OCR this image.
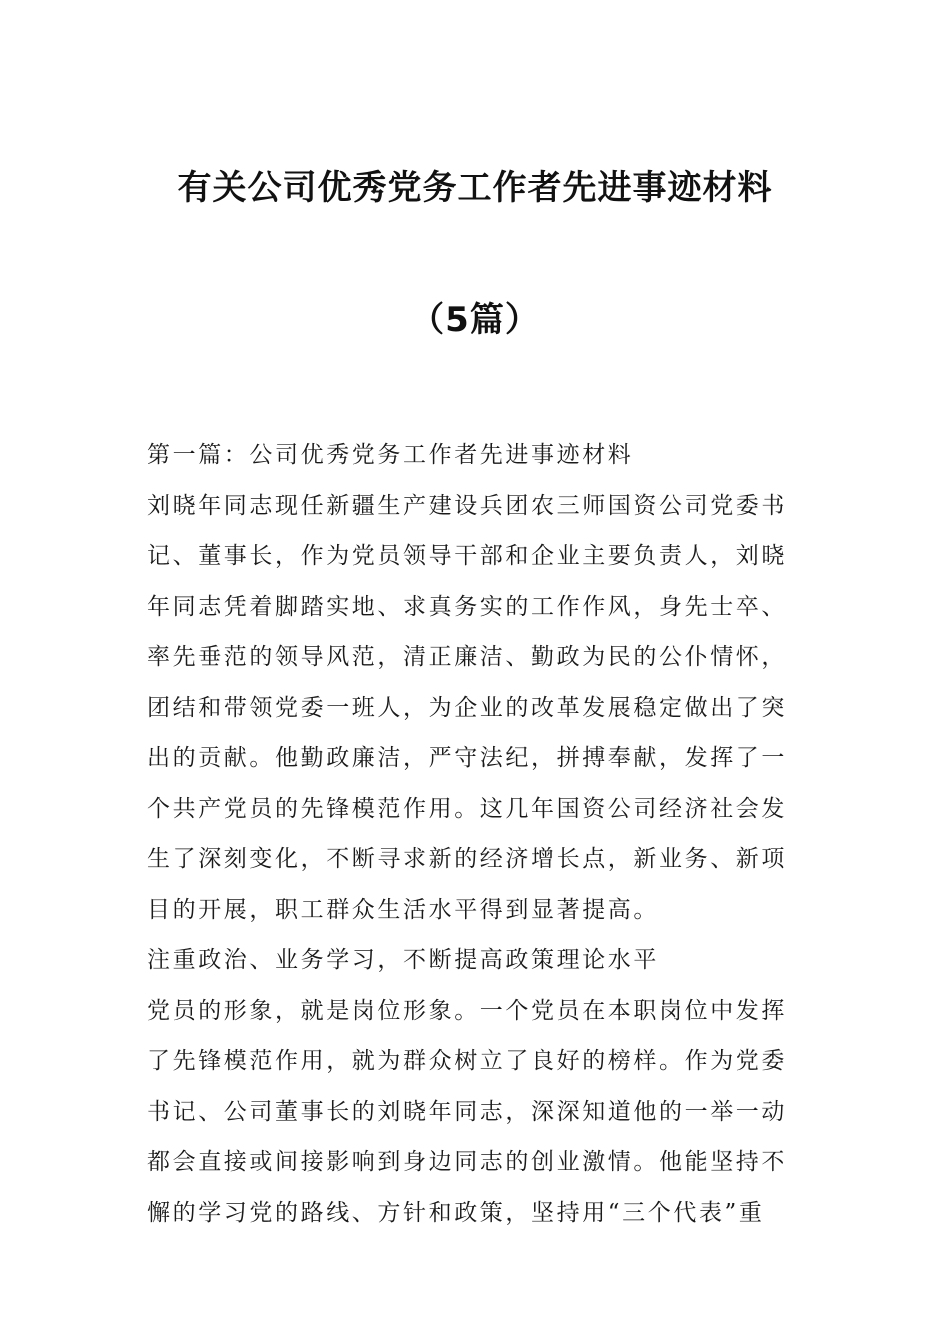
有关公司优秀党务工作者先进事迹材料
（5篇）
第一篇：公司优秀党务工作者先进事迹材料
刘晓年同志现任新疆生产建设兵团农三师国资公司党委书
记、董事长，作为党员领导干部和企业主要负责人，刘晓
年同志凭着脚踏实地、求真务实的工作作风，身先士卒、
率先垂范的领导风范，清正廉洁、勤政为民的公仆情怀，
团结和带领党委一班人，为企业的改革发展稳定做出了突
出的贡献。他勤政廉洁，严守法纪，拼搏奉献，发挥了一
个共产党员的先锋模范作用。这几年国资公司经济社会发
生了深刻变化，不断寻求新的经济增长点，新业务、新项
目的开展，职工群众生活水平得到显著提高。
注重政治、业务学习，不断提高政策理论水平
党员的形象，就是岗位形象。一个党员在本职岗位中发挥
了先锋模范作用，就为群众树立了良好的榜样。作为党委
书记、公司董事长的刘晓年同志，深深知道他的一举一动
都会直接或间接影响到身边同志的创业激情。他能坚持不
懈的学习党的路线、方针和政策，坚持用“三个代表”重
